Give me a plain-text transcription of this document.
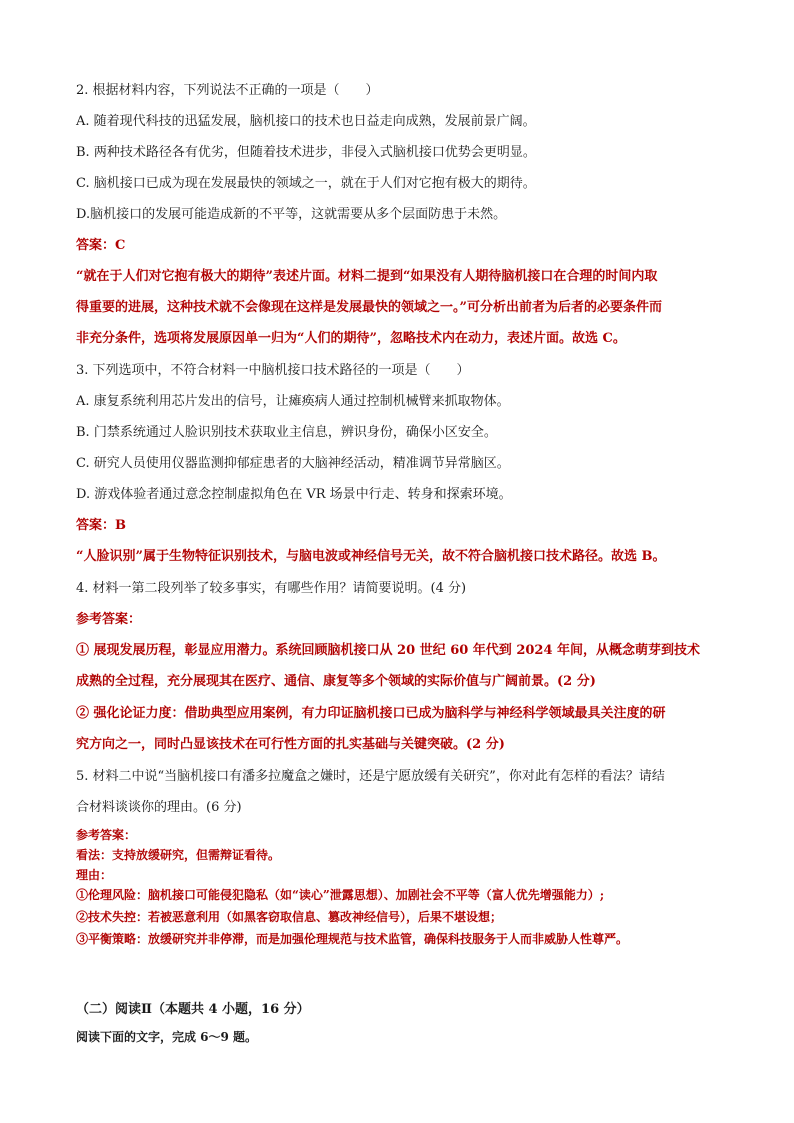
2. 根据材料内容，下列说法不正确的一项是（　　）
A. 随着现代科技的迅猛发展，脑机接口的技术也日益走向成熟，发展前景广阔。
B. 两种技术路径各有优劣，但随着技术进步，非侵入式脑机接口优势会更明显。
C. 脑机接口已成为现在发展最快的领域之一，就在于人们对它抱有极大的期待。
D.脑机接口的发展可能造成新的不平等，这就需要从多个层面防患于未然。
答案：C
“就在于人们对它抱有极大的期待”表述片面。材料二提到“如果没有人期待脑机接口在合理的时间内取
得重要的进展，这种技术就不会像现在这样是发展最快的领域之一。”可分析出前者为后者的必要条件而
非充分条件，选项将发展原因单一归为“人们的期待”，忽略技术内在动力，表述片面。故选 C。
3. 下列选项中，不符合材料一中脑机接口技术路径的一项是（　　）
A. 康复系统利用芯片发出的信号，让瘫痪病人通过控制机械臂来抓取物体。
B. 门禁系统通过人脸识别技术获取业主信息，辨识身份，确保小区安全。
C. 研究人员使用仪器监测抑郁症患者的大脑神经活动，精准调节异常脑区。
D. 游戏体验者通过意念控制虚拟角色在 VR 场景中行走、转身和探索环境。
答案：B
“人脸识别”属于生物特征识别技术，与脑电波或神经信号无关，故不符合脑机接口技术路径。故选 B。
4. 材料一第二段列举了较多事实，有哪些作用？请简要说明。(4 分)
参考答案：
① 展现发展历程，彰显应用潜力。系统回顾脑机接口从 20 世纪 60 年代到 2024 年间，从概念萌芽到技术
成熟的全过程，充分展现其在医疗、通信、康复等多个领域的实际价值与广阔前景。(2 分)
② 强化论证力度：借助典型应用案例，有力印证脑机接口已成为脑科学与神经科学领域最具关注度的研
究方向之一，同时凸显该技术在可行性方面的扎实基础与关键突破。(2 分)
5. 材料二中说“当脑机接口有潘多拉魔盒之嫌时，还是宁愿放缓有关研究”，你对此有怎样的看法？请结
合材料谈谈你的理由。(6 分)
参考答案：
看法：支持放缓研究，但需辩证看待。
理由：
①伦理风险：脑机接口可能侵犯隐私（如“读心”泄露思想）、加剧社会不平等（富人优先增强能力）;
②技术失控：若被恶意利用（如黑客窃取信息、篡改神经信号），后果不堪设想；
③平衡策略：放缓研究并非停滞，而是加强伦理规范与技术监管，确保科技服务于人而非威胁人性尊严。
（二）阅读Ⅱ（本题共 4 小题，16 分）
阅读下面的文字，完成 6～9 题。
